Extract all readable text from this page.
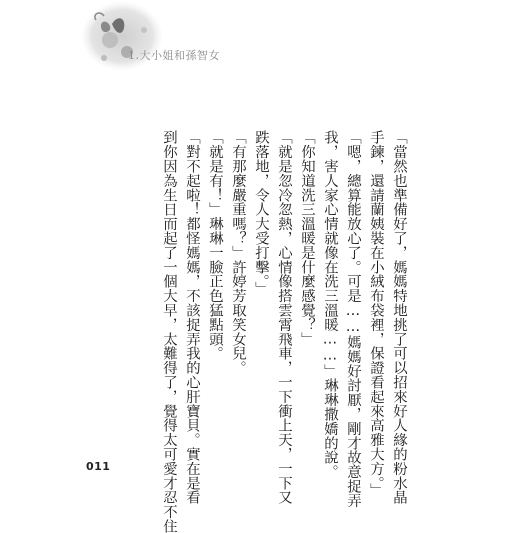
1.大小姐和孫智女
「當然也準備好了，媽媽特地挑了可以招來好人緣的粉水晶
手鍊，還請蘭姨裝在小絨布袋裡，保證看起來高雅大方。」
「嗯，總算能放心了。可是……媽媽好討厭，剛才故意捉弄
我，害人家心情就像在洗三溫暖……」琳琳撒嬌的說。
「你知道洗三溫暖是什麼感覺？」
「就是忽冷忽熱，心情像搭雲霄飛車，一下衝上天，一下又
跌落地，令人大受打擊。」
「有那麼嚴重嗎？」許婷芳取笑女兒。
「就是有！」琳琳一臉正色猛點頭。
「對不起啦！都怪媽媽，不該捉弄我的心肝寶貝。實在是看
到你因為生日而起了一個大早，太難得了，覺得太可愛才忍不住
011
